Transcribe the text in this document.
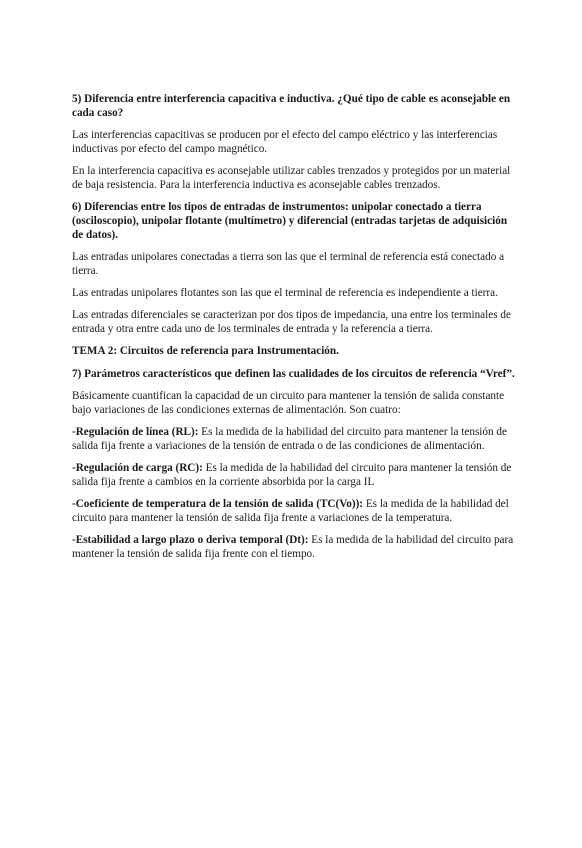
5) Diferencia entre interferencia capacitiva e inductiva. ¿Qué tipo de cable es aconsejable en cada caso?
Las interferencias capacitivas se producen por el efecto del campo eléctrico y las interferencias inductivas por efecto del campo magnético.
En la interferencia capacitiva es aconsejable utilizar cables trenzados y protegidos por un material de baja resistencia. Para la interferencia inductiva es aconsejable cables trenzados.
6) Diferencias entre los tipos de entradas de instrumentos: unipolar conectado a tierra (osciloscopio), unipolar flotante (multímetro) y diferencial (entradas tarjetas de adquisición de datos).
Las entradas unipolares conectadas a tierra son las que el terminal de referencia está conectado a tierra.
Las entradas unipolares flotantes son las que el terminal de referencia es independiente a tierra.
Las entradas diferenciales se caracterizan por dos tipos de impedancia, una entre los terminales de entrada y otra entre cada uno de los terminales de entrada y la referencia a tierra.
TEMA 2: Circuitos de referencia para Instrumentación.
7) Parámetros característicos que definen las cualidades de los circuitos de referencia “Vref”.
Básicamente cuantifican la capacidad de un circuito para mantener la tensión de salida constante bajo variaciones de las condiciones externas de alimentación. Son cuatro:
-Regulación de línea (RL): Es la medida de la habilidad del circuito para mantener la tensión de salida fija frente a variaciones de la tensión de entrada o de las condiciones de alimentación.
-Regulación de carga (RC): Es la medida de la habilidad del circuito para mantener la tensión de salida fija frente a cambios en la corriente absorbida por la carga IL
-Coeficiente de temperatura de la tensión de salida (TC(Vo)): Es la medida de la habilidad del circuito para mantener la tensión de salida fija frente a variaciones de la temperatura.
-Estabilidad a largo plazo o deriva temporal (Dt): Es la medida de la habilidad del circuito para mantener la tensión de salida fija frente con el tiempo.
